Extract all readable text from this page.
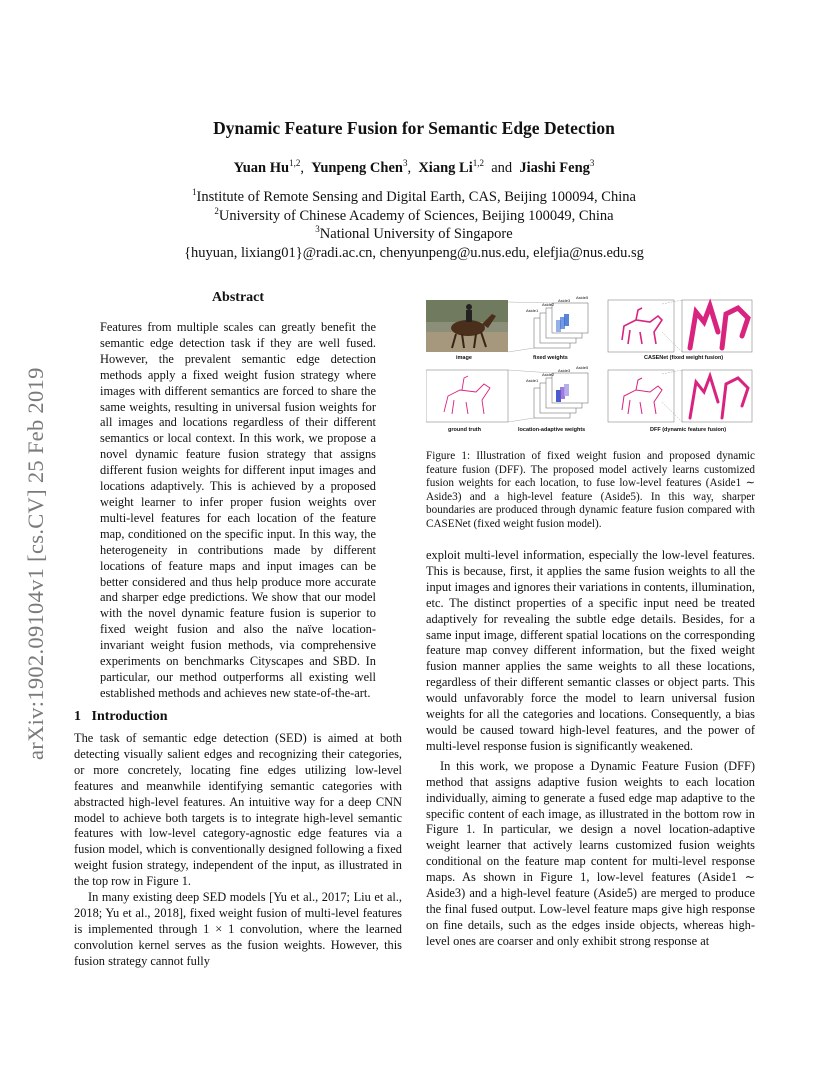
Dynamic Feature Fusion for Semantic Edge Detection
Yuan Hu$^{1,2}$,  Yunpeng Chen$^3$,  Xiang Li$^{1,2}$ and Jiashi Feng$^3$
$^1$Institute of Remote Sensing and Digital Earth, CAS, Beijing 100094, China
$^2$University of Chinese Academy of Sciences, Beijing 100049, China
$^3$National University of Singapore
{huyuan, lixiang01}@radi.ac.cn, chenyunpeng@u.nus.edu, elefjia@nus.edu.sg
arXiv:1902.09104v1 [cs.CV] 25 Feb 2019
Abstract

Features from multiple scales can greatly benefit the semantic edge detection task if they are well fused. However, the prevalent semantic edge detection methods apply a fixed weight fusion strategy where images with different semantics are forced to share the same weights, resulting in universal fusion weights for all images and locations regardless of their different semantics or local context. In this work, we propose a novel dynamic feature fusion strategy that assigns different fusion weights for different input images and locations adaptively. This is achieved by a proposed weight learner to infer proper fusion weights over multi-level features for each location of the feature map, conditioned on the specific input. In this way, the heterogeneity in contributions made by different locations of feature maps and input images can be better considered and thus help produce more accurate and sharper edge predictions. We show that our model with the novel dynamic feature fusion is superior to fixed weight fusion and also the naïve location-invariant weight fusion methods, via comprehensive experiments on benchmarks Cityscapes and SBD. In particular, our method outperforms all existing well established methods and achieves new state-of-the-art.

1 Introduction

The task of semantic edge detection (SED) is aimed at both detecting visually salient edges and recognizing their categories, or more concretely, locating fine edges utilizing low-level features and meanwhile identifying semantic categories with abstracted high-level features. An intuitive way for a deep CNN model to achieve both targets is to integrate high-level semantic features with low-level category-agnostic edge features via a fusion model, which is conventionally designed following a fixed weight fusion strategy, independent of the input, as illustrated in the top row in Figure 1.

In many existing deep SED models [Yu et al., 2017; Liu et al., 2018; Yu et al., 2018], fixed weight fusion of multi-level features is implemented through 1 × 1 convolution, where the learned convolution kernel serves as the fusion weights. However, this fusion strategy cannot fully

Aside1
Aside2
Aside3
Aside5
Aside1
Aside2
Aside3
Aside5
image	fixed weights	CASENet (fixed weight fusion)
ground truth	location-adaptive weights	DFF (dynamic feature fusion)
Figure 1: Illustration of fixed weight fusion and proposed dynamic feature fusion (DFF). The proposed model actively learns customized fusion weights for each location, to fuse low-level features (Aside1 ∼ Aside3) and a high-level feature (Aside5). In this way, sharper boundaries are produced through dynamic feature fusion compared with CASENet (fixed weight fusion model).

exploit multi-level information, especially the low-level features. This is because, first, it applies the same fusion weights to all the input images and ignores their variations in contents, illumination, etc. The distinct properties of a specific input need be treated adaptively for revealing the subtle edge details. Besides, for a same input image, different spatial locations on the corresponding feature map convey different information, but the fixed weight fusion manner applies the same weights to all these locations, regardless of their different semantic classes or object parts. This would unfavorably force the model to learn universal fusion weights for all the categories and locations. Consequently, a bias would be caused toward high-level features, and the power of multi-level response fusion is significantly weakened.

In this work, we propose a Dynamic Feature Fusion (DFF) method that assigns adaptive fusion weights to each location individually, aiming to generate a fused edge map adaptive to the specific content of each image, as illustrated in the bottom row in Figure 1. In particular, we design a novel location-adaptive weight learner that actively learns customized fusion weights conditional on the feature map content for multi-level response maps. As shown in Figure 1, low-level features (Aside1 ∼ Aside3) and a high-level feature (Aside5) are merged to produce the final fused output. Low-level feature maps give high response on fine details, such as the edges inside objects, whereas high-level ones are coarser and only exhibit strong response at
